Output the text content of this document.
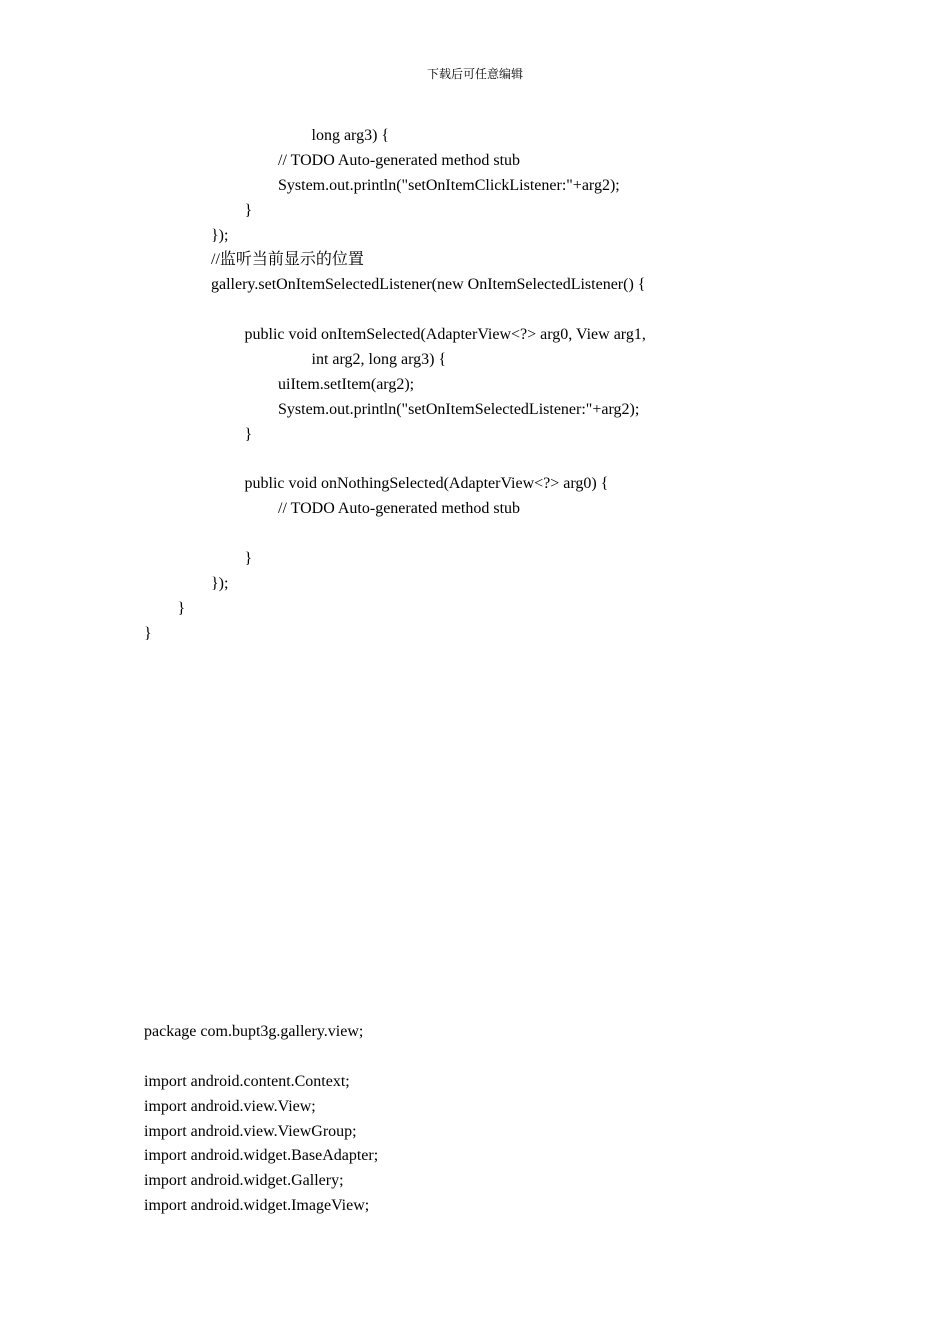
下载后可任意编辑
long arg3) {
// TODO Auto-generated method stub
System.out.println("setOnItemClickListener:"+arg2);
}
});
//监听当前显示的位置
gallery.setOnItemSelectedListener(new OnItemSelectedListener() {
public void onItemSelected(AdapterView<?> arg0, View arg1,
int arg2, long arg3) {
uiItem.setItem(arg2);
System.out.println("setOnItemSelectedListener:"+arg2);
}
public void onNothingSelected(AdapterView<?> arg0) {
// TODO Auto-generated method stub
}
});
}
}
package com.bupt3g.gallery.view;
import android.content.Context;
import android.view.View;
import android.view.ViewGroup;
import android.widget.BaseAdapter;
import android.widget.Gallery;
import android.widget.ImageView;
